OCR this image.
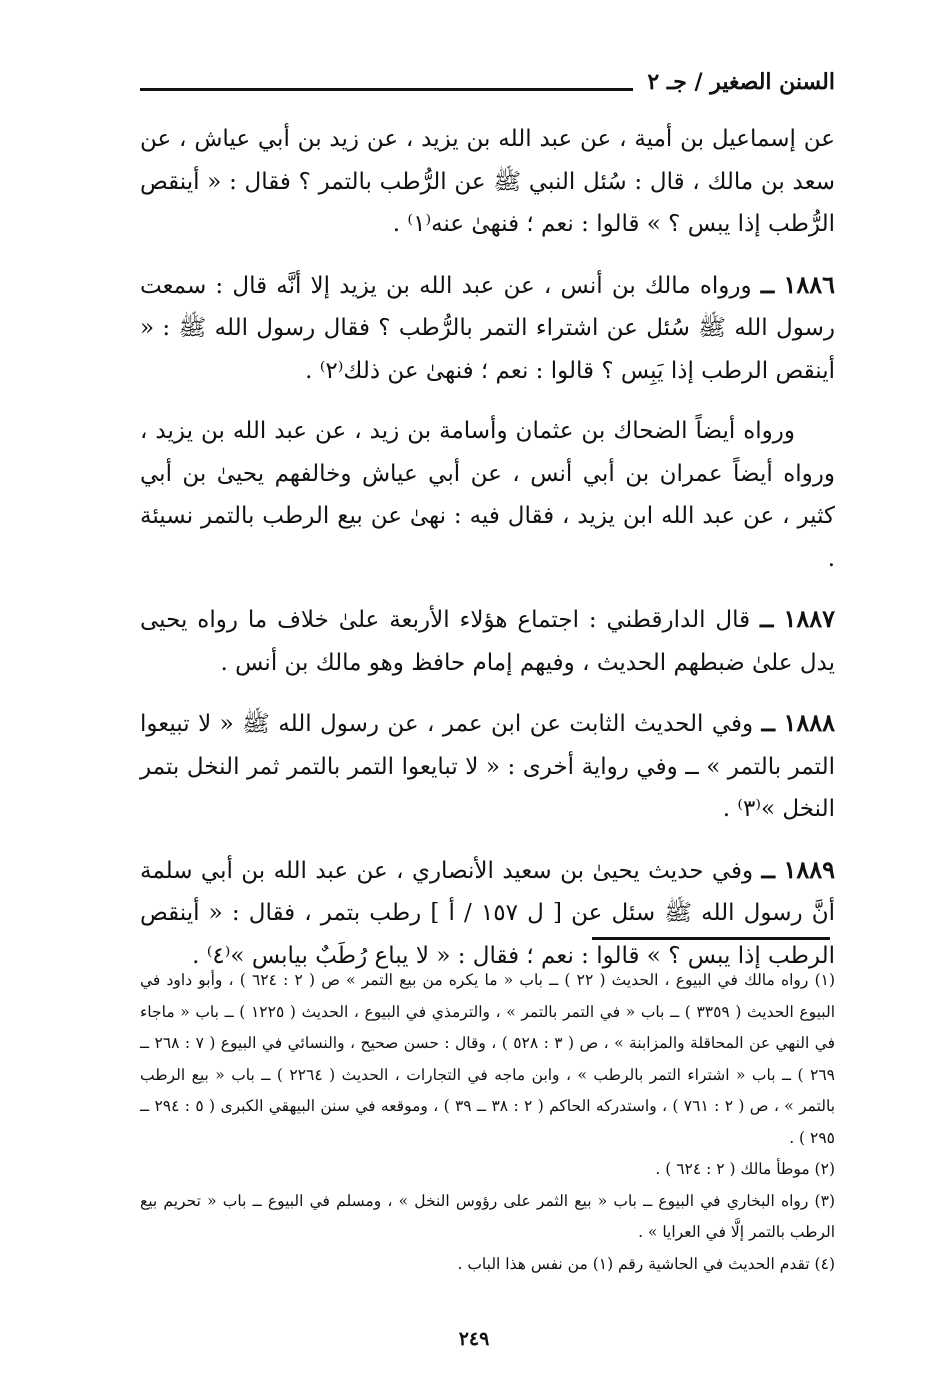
السنن الصغير / جـ ٢

عن إسماعيل بن أمية ، عن عبد الله بن يزيد ، عن زيد بن أبي عياش ، عن سعد بن مالك ، قال : سُئل النبي ﷺ عن الرُّطب بالتمر ؟ فقال : « أينقص الرُّطب إذا يبس ؟ » قالوا : نعم ؛ فنهىٰ عنه⁽١⁾ .

١٨٨٦ ــ ورواه مالك بن أنس ، عن عبد الله بن يزيد إلا أنَّه قال : سمعت رسول الله ﷺ سُئل عن اشتراء التمر بالرُّطب ؟ فقال رسول الله ﷺ : « أينقص الرطب إذا يَبِس ؟ قالوا : نعم ؛ فنهىٰ عن ذلك⁽٢⁾ .

ورواه أيضاً الضحاك بن عثمان وأسامة بن زيد ، عن عبد الله بن يزيد ، ورواه أيضاً عمران بن أبي أنس ، عن أبي عياش وخالفهم يحيىٰ بن أبي كثير ، عن عبد الله ابن يزيد ، فقال فيه : نهىٰ عن بيع الرطب بالتمر نسيئة .

١٨٨٧ ــ قال الدارقطني : اجتماع هؤلاء الأربعة علىٰ خلاف ما رواه يحيى يدل علىٰ ضبطهم الحديث ، وفيهم إمام حافظ وهو مالك بن أنس .

١٨٨٨ ــ وفي الحديث الثابت عن ابن عمر ، عن رسول الله ﷺ « لا تبيعوا التمر بالتمر » ــ وفي رواية أخرى : « لا تبايعوا التمر بالتمر ثمر النخل بتمر النخل »⁽٣⁾ .

١٨٨٩ ــ وفي حديث يحيىٰ بن سعيد الأنصاري ، عن عبد الله بن أبي سلمة أنَّ رسول الله ﷺ سئل عن [ ل ١٥٧ / أ ] رطب بتمر ، فقال : « أينقص الرطب إذا يبس ؟ » قالوا : نعم ؛ فقال : « لا يباع رُطَبٌ بيابس »⁽٤⁾ .

(١) رواه مالك في البيوع ، الحديث ( ٢٢ ) ــ باب « ما يكره من بيع التمر » ص ( ٢ : ٦٢٤ ) ، وأبو داود في البيوع الحديث ( ٣٣٥٩ ) ــ باب « في التمر بالتمر » ، والترمذي في البيوع ، الحديث ( ١٢٢٥ ) ــ باب « ماجاء في النهي عن المحاقلة والمزابنة » ، ص ( ٣ : ٥٢٨ ) ، وقال : حسن صحيح ، والنسائي في البيوع ( ٧ : ٢٦٨ ــ ٢٦٩ ) ــ باب « اشتراء التمر بالرطب » ، وابن ماجه في التجارات ، الحديث ( ٢٢٦٤ ) ــ باب « بيع الرطب بالتمر » ، ص ( ٢ : ٧٦١ ) ، واستدركه الحاكم ( ٢ : ٣٨ ــ ٣٩ ) ، وموقعه في سنن البيهقي الكبرى ( ٥ : ٢٩٤ ــ ٢٩٥ ) .

(٢) موطأ مالك ( ٢ : ٦٢٤ ) .

(٣) رواه البخاري في البيوع ــ باب « بيع الثمر على رؤوس النخل » ، ومسلم في البيوع ــ باب « تحريم بيع الرطب بالتمر إلَّا في العرايا » .

(٤) تقدم الحديث في الحاشية رقم (١) من نفس هذا الباب .

٢٤٩
